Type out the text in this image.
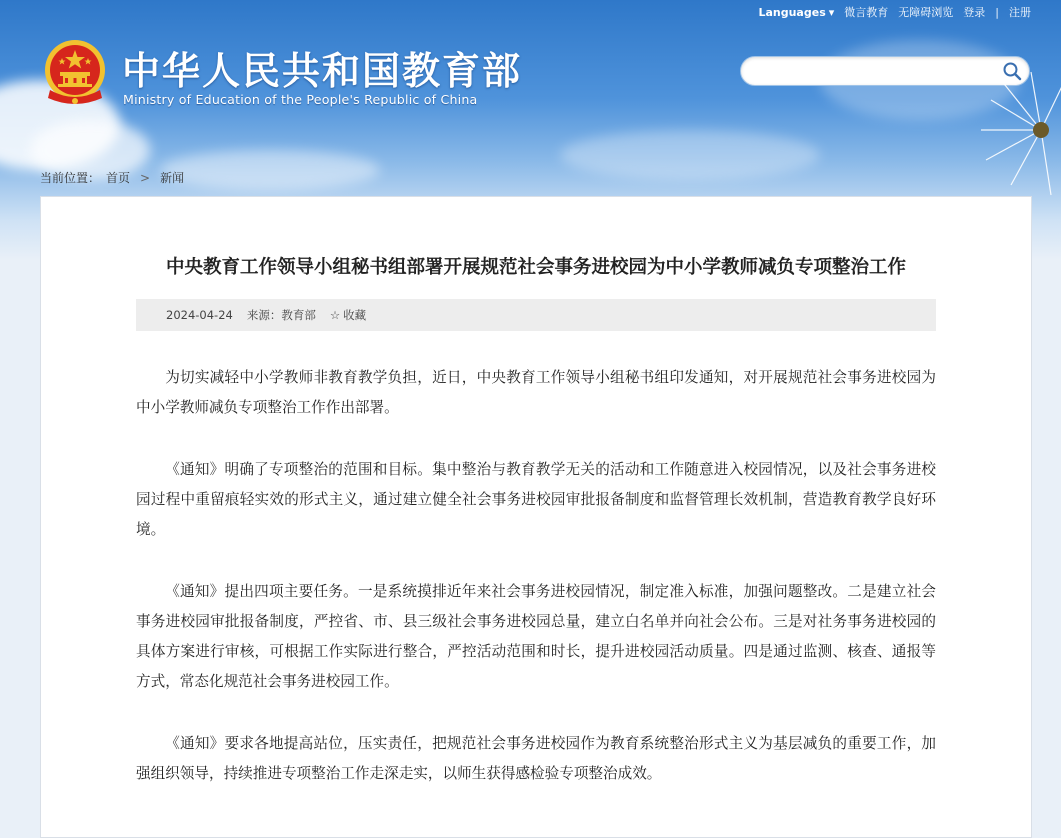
Languages ▾ 微言教育 无障碍浏览 登录 | 注册
中华人民共和国教育部
Ministry of Education of the People's Republic of China
当前位置： 首页 > 新闻
中央教育工作领导小组秘书组部署开展规范社会事务进校园为中小学教师减负专项整治工作
2024-04-24 来源：教育部 ☆ 收藏

为切实减轻中小学教师非教育教学负担，近日，中央教育工作领导小组秘书组印发通知，对开展规范社会事务进校园为中小学教师减负专项整治工作作出部署。

《通知》明确了专项整治的范围和目标。集中整治与教育教学无关的活动和工作随意进入校园情况，以及社会事务进校园过程中重留痕轻实效的形式主义，通过建立健全社会事务进校园审批报备制度和监督管理长效机制，营造教育教学良好环境。

《通知》提出四项主要任务。一是系统摸排近年来社会事务进校园情况，制定准入标准，加强问题整改。二是建立社会事务进校园审批报备制度，严控省、市、县三级社会事务进校园总量，建立白名单并向社会公布。三是对社务事务进校园的具体方案进行审核，可根据工作实际进行整合，严控活动范围和时长，提升进校园活动质量。四是通过监测、核查、通报等方式，常态化规范社会事务进校园工作。

《通知》要求各地提高站位，压实责任，把规范社会事务进校园作为教育系统整治形式主义为基层减负的重要工作，加强组织领导，持续推进专项整治工作走深走实，以师生获得感检验专项整治成效。
